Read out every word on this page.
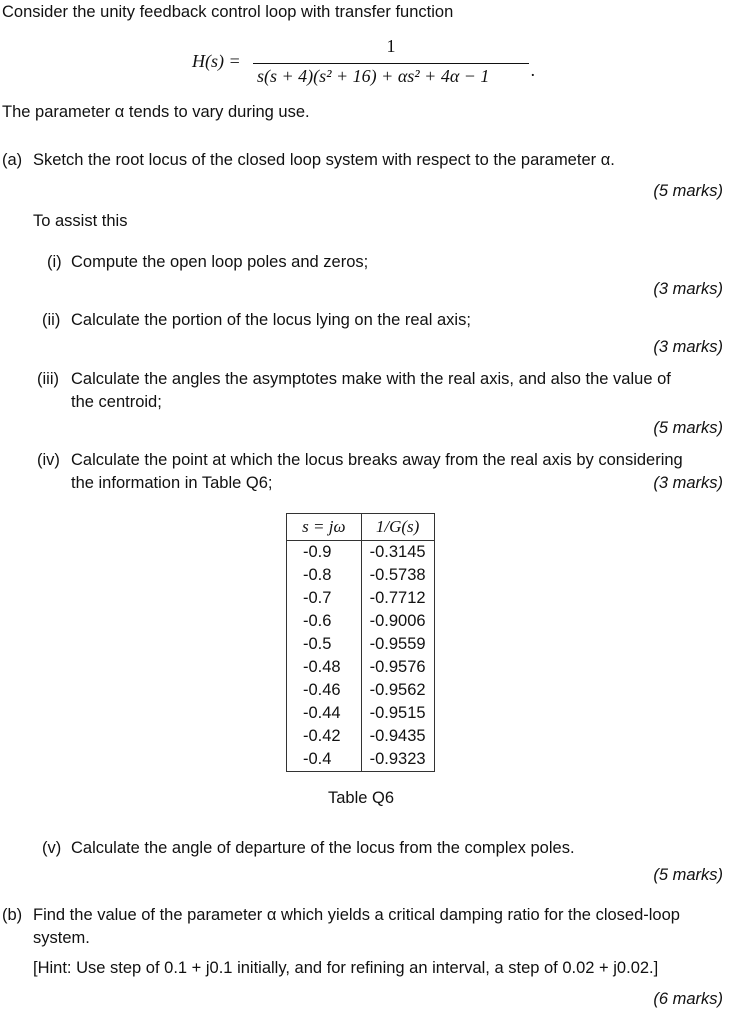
Consider the unity feedback control loop with transfer function
H(s) =
1
s(s + 4)(s² + 16) + αs² + 4α − 1 .
The parameter α tends to vary during use.
(a) Sketch the root locus of the closed loop system with respect to the parameter α.
(5 marks)
To assist this
(i) Compute the open loop poles and zeros;
(3 marks)
(ii) Calculate the portion of the locus lying on the real axis;
(3 marks)
(iii) Calculate the angles the asymptotes make with the real axis, and also the value of
the centroid;
(5 marks)
(iv) Calculate the point at which the locus breaks away from the real axis by considering
the information in Table Q6;	(3 marks)
s = jω	1/G(s)
-0.9	-0.3145
-0.8	-0.5738
-0.7	-0.7712
-0.6	-0.9006
-0.5	-0.9559
-0.48	-0.9576
-0.46	-0.9562
-0.44	-0.9515
-0.42	-0.9435
-0.4	-0.9323
Table Q6
(v) Calculate the angle of departure of the locus from the complex poles.
(5 marks)
(b) Find the value of the parameter α which yields a critical damping ratio for the closed-loop
system.
[Hint: Use step of 0.1 + j0.1 initially, and for refining an interval, a step of 0.02 + j0.02.]
(6 marks)
